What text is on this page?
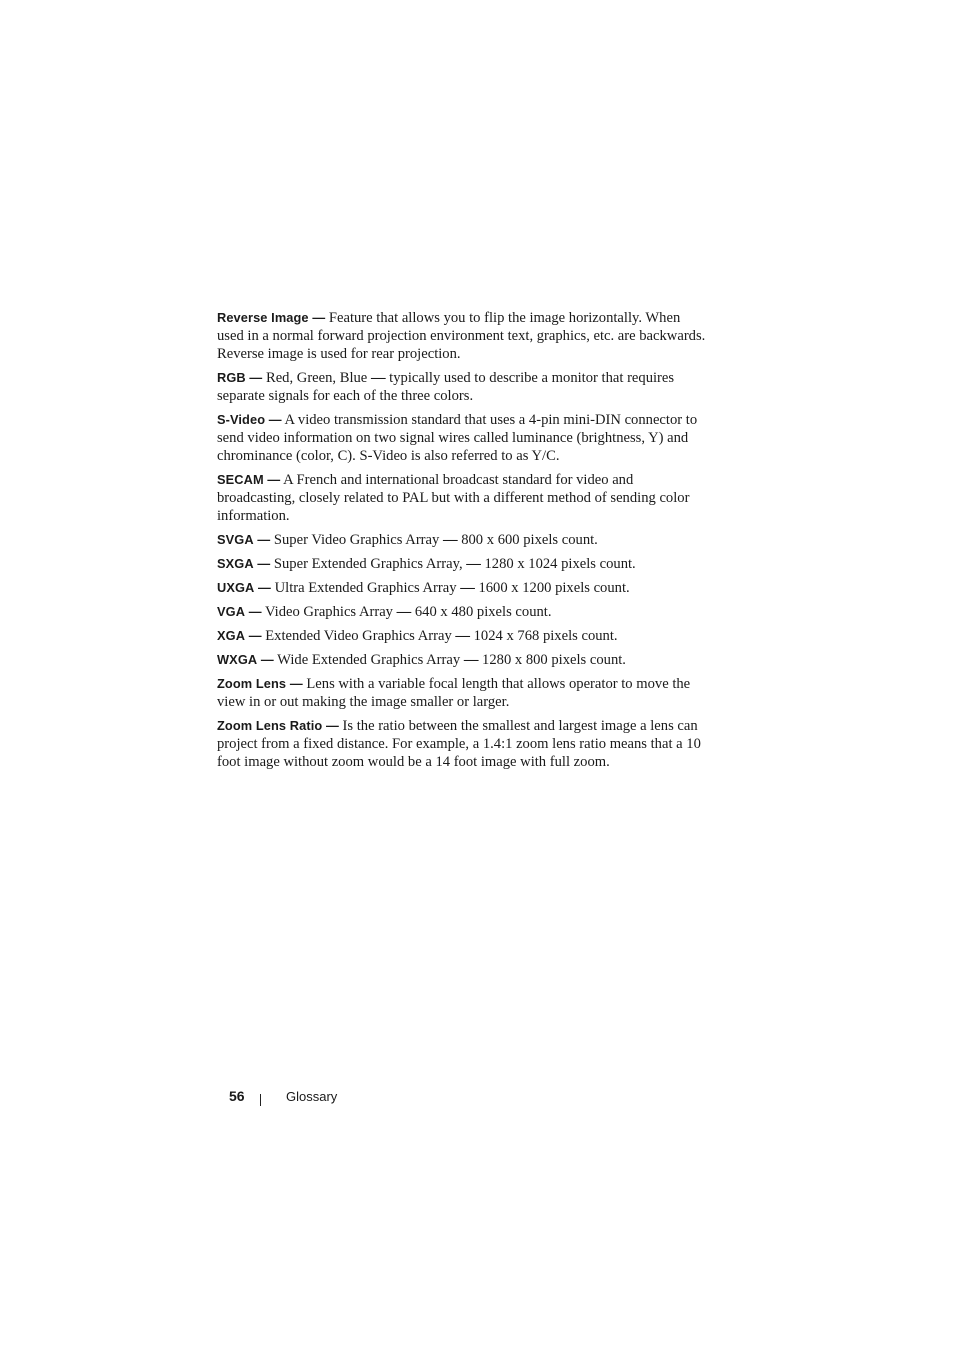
Reverse Image — Feature that allows you to flip the image horizontally. When used in a normal forward projection environment text, graphics, etc. are backwards. Reverse image is used for rear projection.

RGB — Red, Green, Blue — typically used to describe a monitor that requires separate signals for each of the three colors.

S-Video — A video transmission standard that uses a 4-pin mini-DIN connector to send video information on two signal wires called luminance (brightness, Y) and chrominance (color, C). S-Video is also referred to as Y/C.

SECAM — A French and international broadcast standard for video and broadcasting, closely related to PAL but with a different method of sending color information.

SVGA — Super Video Graphics Array — 800 x 600 pixels count.

SXGA — Super Extended Graphics Array, — 1280 x 1024 pixels count.

UXGA — Ultra Extended Graphics Array — 1600 x 1200 pixels count.

VGA — Video Graphics Array — 640 x 480 pixels count.

XGA — Extended Video Graphics Array — 1024 x 768 pixels count.

WXGA — Wide Extended Graphics Array — 1280 x 800 pixels count.

Zoom Lens — Lens with a variable focal length that allows operator to move the view in or out making the image smaller or larger.

Zoom Lens Ratio — Is the ratio between the smallest and largest image a lens can project from a fixed distance. For example, a 1.4:1 zoom lens ratio means that a 10 foot image without zoom would be a 14 foot image with full zoom.

56	Glossary
